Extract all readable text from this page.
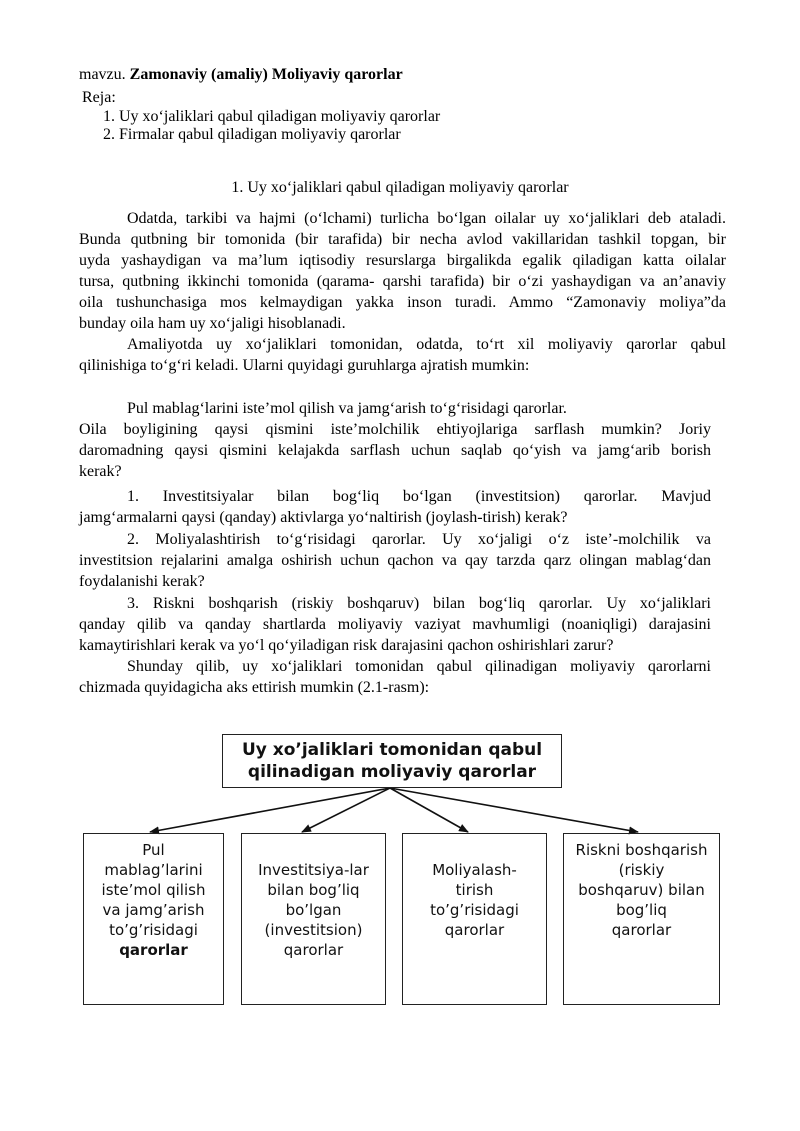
mavzu. Zamonaviy (amaliy) Moliyaviy qarorlar
Reja:
1. Uy xo‘jaliklari qabul qiladigan moliyaviy qarorlar
2. Firmalar qabul qiladigan moliyaviy qarorlar
1. Uy xo‘jaliklari qabul qiladigan moliyaviy qarorlar
Odatda, tarkibi va hajmi (o‘lchami) turlicha bo‘lgan oilalar uy xo‘jaliklari deb ataladi.
Bunda qutbning bir tomonida (bir tarafida) bir necha avlod vakillaridan tashkil topgan, bir
uyda yashaydigan va ma’lum iqtisodiy resurslarga birgalikda egalik qiladigan katta oilalar
tursa, qutbning ikkinchi tomonida (qarama- qarshi tarafida) bir o‘zi yashaydigan va an’anaviy
oila tushunchasiga mos kelmaydigan yakka inson turadi. Ammo “Zamonaviy moliya”da
bunday oila ham uy xo‘jaligi hisoblanadi.
Amaliyotda uy xo‘jaliklari tomonidan, odatda, to‘rt xil moliyaviy qarorlar qabul
qilinishiga to‘g‘ri keladi. Ularni quyidagi guruhlarga ajratish mumkin:
Pul mablag‘larini iste’mol qilish va jamg‘arish to‘g‘risidagi qarorlar.
Oila boyligining qaysi qismini iste’molchilik ehtiyojlariga sarflash mumkin? Joriy
daromadning qaysi qismini kelajakda sarflash uchun saqlab qo‘yish va jamg‘arib borish
kerak?
1. Investitsiyalar bilan bog‘liq bo‘lgan (investitsion) qarorlar. Mavjud
jamg‘armalarni qaysi (qanday) aktivlarga yo‘naltirish (joylash-tirish) kerak?
2. Moliyalashtirish to‘g‘risidagi qarorlar. Uy xo‘jaligi o‘z iste’-molchilik va
investitsion rejalarini amalga oshirish uchun qachon va qay tarzda qarz olingan mablag‘dan
foydalanishi kerak?
3. Riskni boshqarish (riskiy boshqaruv) bilan bog‘liq qarorlar. Uy xo‘jaliklari
qanday qilib va qanday shartlarda moliyaviy vaziyat mavhumligi (noaniqligi) darajasini
kamaytirishlari kerak va yo‘l qo‘yiladigan risk darajasini qachon oshirishlari zarur?
Shunday qilib, uy xo‘jaliklari tomonidan qabul qilinadigan moliyaviy qarorlarni
chizmada quyidagicha aks ettirish mumkin (2.1-rasm):
Uy xo’jaliklari tomonidan qabul
qilinadigan moliyaviy qarorlar
Pul
mablag’larini
iste’mol qilish
va jamg’arish
to’g’risidagi
qarorlar
Investitsiya-lar
bilan bog’liq
bo’lgan
(investitsion)
qarorlar
Moliyalash-
tirish
to’g’risidagi
qarorlar
Riskni boshqarish
(riskiy
boshqaruv) bilan
bog’liq
qarorlar
